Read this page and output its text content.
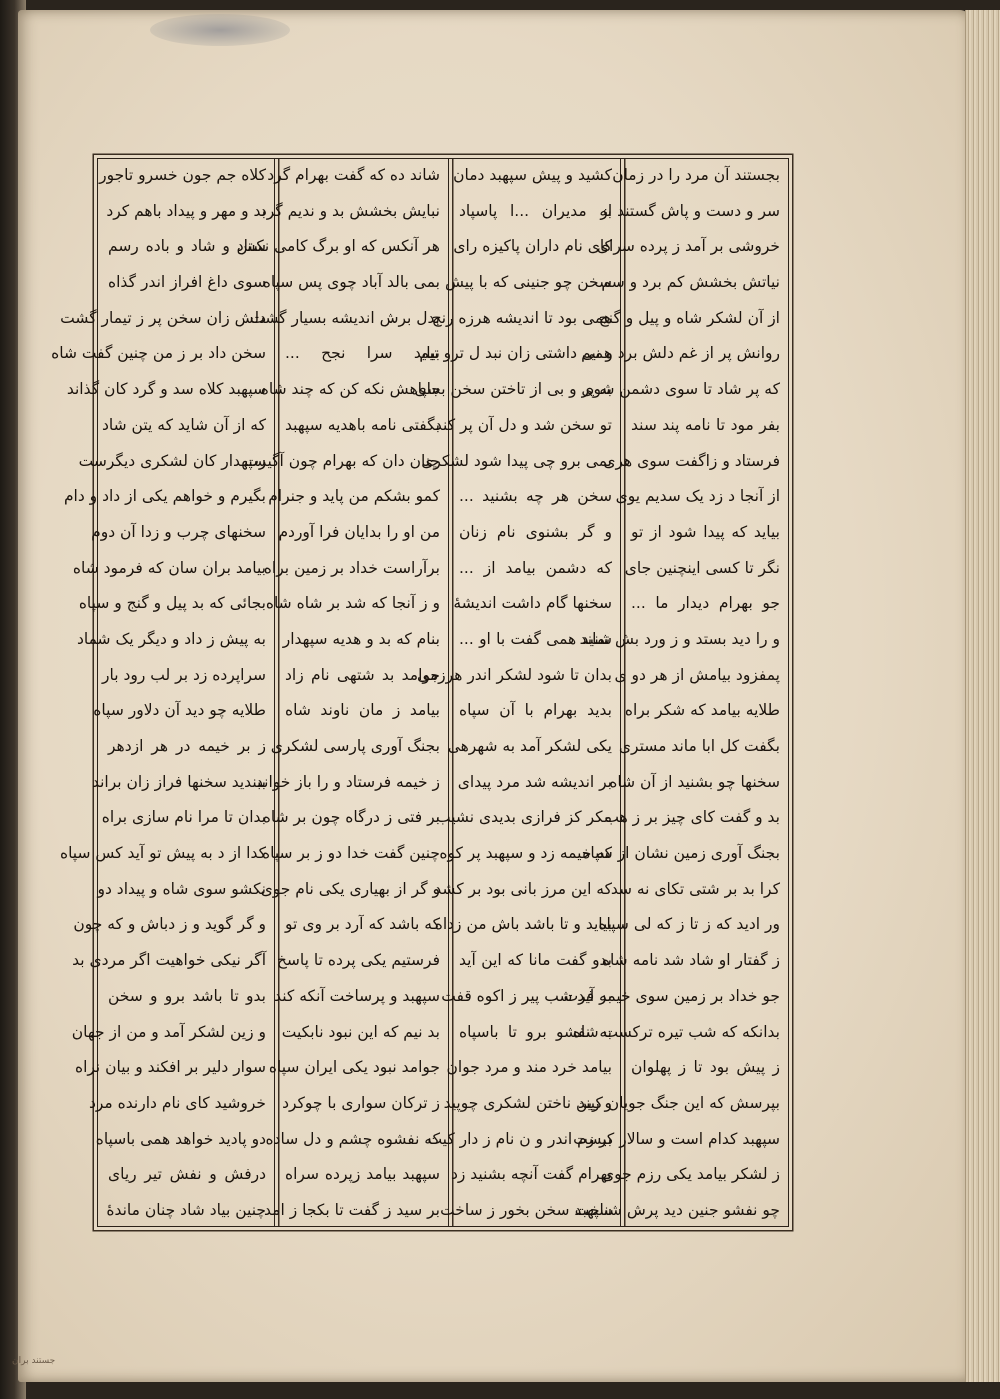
کلاه جم جون خسرو تاجور
بد و مهر و پیداد باهم کرد
ستاد و شاد و باده رسم
سوی داغ افراز اندر گذاه
دلش زان سخن پر ز تیمار گشت
سخن داد بر ز من چنین گفت شاه
سپهبد کلاه سد و گرد کان گذاند
که از آن شاید که یتن شاد
سپهدار کان لشکری دیگرست
بگیرم و خواهم یکی از داد و دام
سخنهای چرب و زدا آن دوم
بیامد بران سان که فرمود شاه
بجائی که بد پیل و گنج و سپاه
به پیش ز داد و دیگر یک شماد
سراپرده زد بر لب رود بار
طلایه چو دید آن دلاور سپاه
ز بر خیمه در هر ازدهر
ببندید سخنها فراز زان براند
بدان تا مرا نام سازی براه
کدا از د به پیش تو آید کس سپاه
نکشو سوی شاه و پیداد دو
و گر گوید و ز دباش و که چون
آگر نیکی خواهیت اگر مردی بد
بدو تا باشد برو و سخن
و زین لشکر آمد و من از جهان
سوار دلیر بر افکند و بیان نراه
خروشید کای نام دارنده مرد
دو پادید خواهد همی باسپاه
درفش و نفش تیر ریای
چنین بیاد شاد چنان ماندهٔ
شاند ده که گفت بهرام گرد
نبایش بخشش بد و ندیم گرد
هر آنکس که او برگ کامی نکس
بمی بالد آباد چوی پس سپاه
بدل برش اندیشه بسیار گشت
بیاید سرا نجح ...
سپاهش نکه کن که چند شاه
بگفتی نامه باهدیه سپهبد
چنان دان که بهرام چون آگیرت
کمو بشکم من پاید و جنرام
من او را بدایان فرا آوردم
برآراست خداد بر زمین براه
و ز آنجا که شد بر شاه شاه
بنام که بد و هدیه سپهدار
جوامد بد شتهی نام زاد
بیامد ز مان ناوند شاه
بجنگ آوری پارسی لشکری
ز خیمه فرستاد و را باز خواند
بر فتی ز درگاه چون بر شاه
چنین گفت خدا دو ز بر سپاه
و گر از بهیاری یکی نام جوی
که باشد که آرد بر وی تو
فرستیم یکی پرده تا پاسخ
سپهبد و پرساخت آنکه کند
بد نیم که این نبود نابکیت
جوامد نبود یکی ایران سپاه
ز ترکان سواری با چوکرد
که نفشوه چشم و دل ساده
سپهبد بیامد زپرده سراه
بر سید ز گفت تا بکجا ز امد
کشید و پیش سپهبد دمان
به مدیران ...ا پاسپاد
کای نام داران پاکیزه رای
سخن چو جنینی که با پیش
همی بود تا اندیشه هرزه رنج
همی داشتی زان نبد ل ترو تیم
به پر و بی از تاختن سخن بجای
تو سخن شد و دل آن پر کند
بمی برو چی پیدا شود لشکری
سخن هر چه بشنید ...
و گر بشنوی نام زنان
که دشمن بیامد از ...
سخنها گام داشت اندیشهٔ
شنید همی گفت با او ...
بدان تا شود لشکر اندر هرزمی
بدید بهرام با آن سپاه
یکی لشکر آمد به شهرهی
بر اندیشه شد مرد پیدای
مکر کز فرازی بدیدی نشیب
که خیمه زد و سپهبد پر کوه
که این مرز بانی بود بر کشد
بیاید و تا باشد باش من زداه
بدو گفت مانا که این آید
بر آید شب پیر ز اکوه قفت
به نفشو برو تا باسپاه
بیامد خرد مند و مرد جوان
و زین ناختن لشکری چوپید
بر زم اندر و ن نام ز دار کیت
بهرام گفت آنچه بشنید زد
سپهبد سخن بخور ز ساخت
بجستند آن مرد را در زمان
سر و دست و پاش گستند از
خروشی بر آمد ز پرده سرای
نیاتش بخشش کم برد و سم
از آن لشکر شاه و پیل و گنج
روانش پر از غم دلش برد و نیم
که پر شاد تا سوی دشمن شوی
بفر مود تا نامه پند سند
فرستاد و زاگفت سوی هری
از آنجا د زد یک سدیم یوی
بیاید که پیدا شود از تو
نگر تا کسی اینچنین جای
جو بهرام دیدار ما ...
و را دید بستد و ز ورد بش نماند
پمفزود بیامش از هر دو ی
طلایه بیامد که شکر براه
بگفت کل ابا ماند مستری
سخنها چو بشنید از آن شاه
بد و گفت کای چیز بر ز هب
بجنگ آوری زمین نشان از سپاه
کرا بد بر شتی تکای نه سد
ور ادید که ز تا ز که لی سپاه
ز گفتار او شاد شد نامه شاه
جو خداد بر زمین سوی خیمه فرت
بدانکه که شب تیره ترکست شاه
ز پیش بود تا ز پهلوان
بپرسش که این جنگ جویان کیند
سپهبد کدام است و سالار کیست
ز لشکر بیامد یکی رزم جوی
چو نفشو جنین دید پرش شناخت
جستند بران
